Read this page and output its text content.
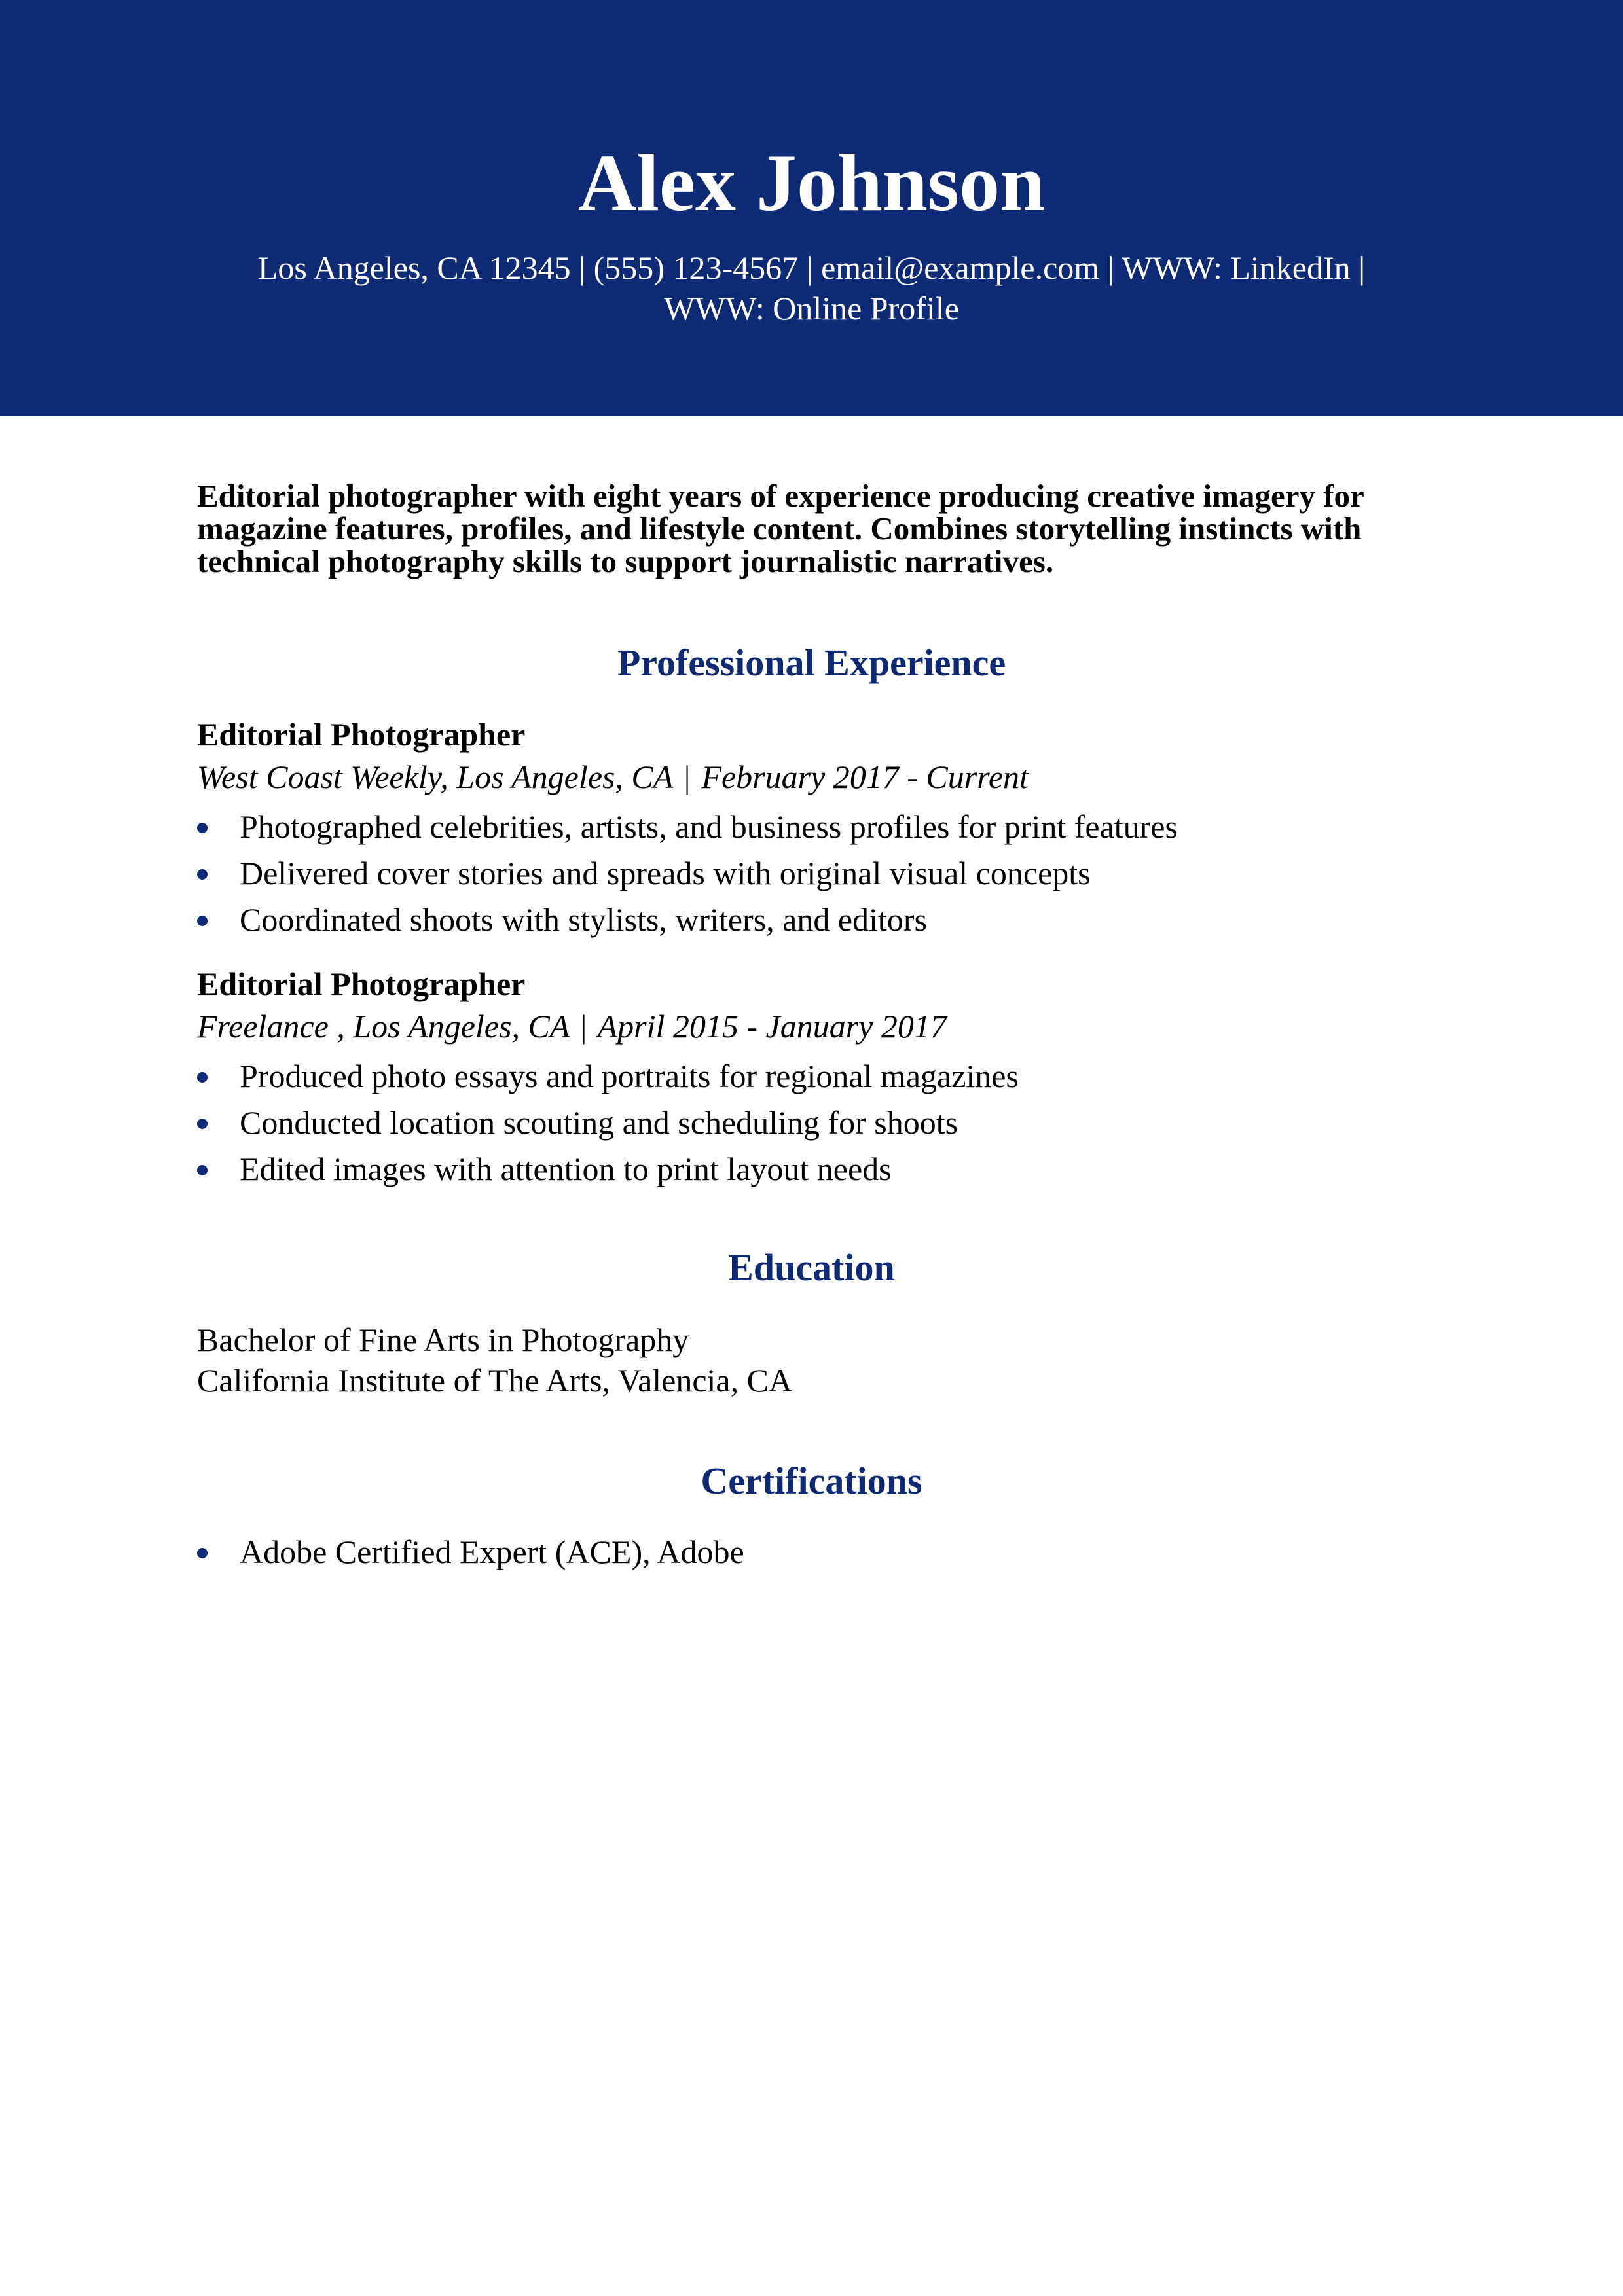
Alex Johnson
Los Angeles, CA 12345 | (555) 123-4567 | email@example.com | WWW: LinkedIn |
WWW: Online Profile
Editorial photographer with eight years of experience producing creative imagery for magazine features, profiles, and lifestyle content. Combines storytelling instincts with technical photography skills to support journalistic narratives.
Professional Experience
Editorial Photographer
West Coast Weekly, Los Angeles, CA | February 2017 - Current
Photographed celebrities, artists, and business profiles for print features
Delivered cover stories and spreads with original visual concepts
Coordinated shoots with stylists, writers, and editors
Editorial Photographer
Freelance , Los Angeles, CA | April 2015 - January 2017
Produced photo essays and portraits for regional magazines
Conducted location scouting and scheduling for shoots
Edited images with attention to print layout needs
Education
Bachelor of Fine Arts in Photography
California Institute of The Arts, Valencia, CA
Certifications
Adobe Certified Expert (ACE), Adobe
